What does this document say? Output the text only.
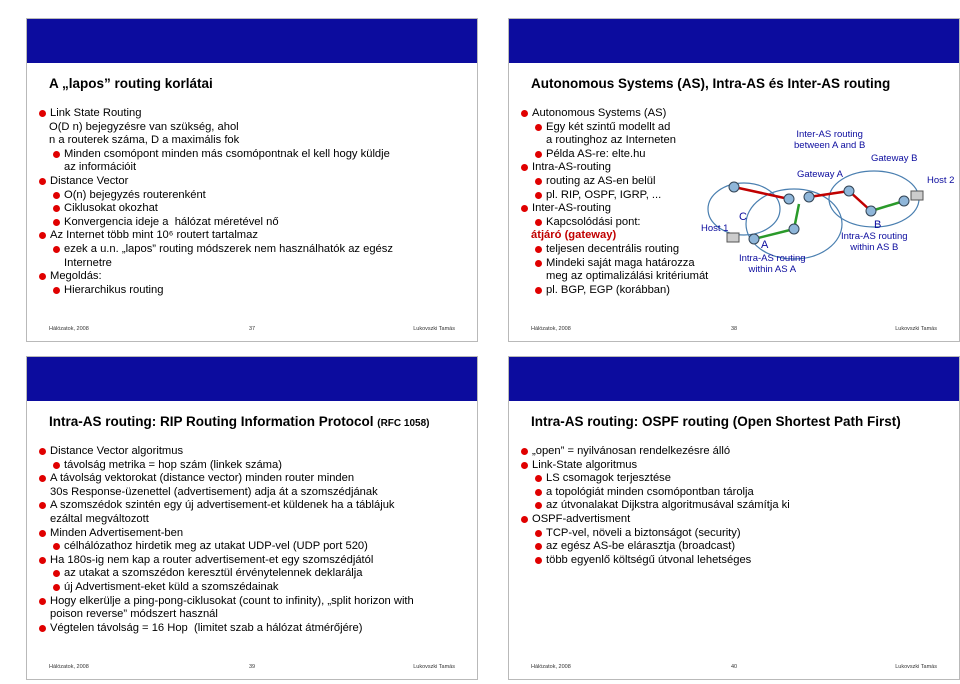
A „lapos” routing korlátai
Link State Routing
O(D n) bejegyzésre van szükség, ahol
n a routerek száma, D a maximális fok
Minden csomópont minden más csomópontnak el kell hogy küldje
az információit
Distance Vector
O(n) bejegyzés routerenként
Ciklusokat okozhat
Konvergencia ideje a  hálózat méretével nő
Az Internet több mint 10⁶ routert tartalmaz
ezek a u.n. „lapos” routing módszerek nem használhatók az egész
Internetre
Megoldás:
Hierarchikus routing
Hálózatok, 2008	37	Lukovszki Tamás
Autonomous Systems (AS), Intra-AS és Inter-AS routing
Autonomous Systems (AS)
Egy két szintű modellt ad
a routinghoz az Interneten
Példa AS-re: elte.hu
Intra-AS-routing
routing az AS-en belül
pl. RIP, OSPF, IGRP, ...
Inter-AS-routing
Kapcsolódási pont:
átjáró (gateway)
teljesen decentrális routing
Mindeki saját maga határozza
meg az optimalizálási kritériumát
pl. BGP, EGP (korábban)
Inter-AS routing
between A and B
Gateway B
Gateway A
Host 2
Host 1
C
B
A
Intra-AS routing
within AS B
Intra-AS routing
within AS A
Hálózatok, 2008	38	Lukovszki Tamás
Intra-AS routing: RIP Routing Information Protocol (RFC 1058)
Distance Vector algoritmus
távolság metrika = hop szám (linkek száma)
A távolság vektorokat (distance vector) minden router minden
30s Response-üzenettel (advertisement) adja át a szomszédjának
A szomszédok szintén egy új advertisement-et küldenek ha a táblájuk
ezáltal megváltozott
Minden Advertisement-ben
célhálózathoz hirdetik meg az utakat UDP-vel (UDP port 520)
Ha 180s-ig nem kap a router advertisement-et egy szomszédjától
az utakat a szomszédon keresztül érvénytelennek deklarálja
új Advertisment-eket küld a szomszédainak
Hogy elkerülje a ping-pong-ciklusokat (count to infinity), „split horizon with
poison reverse” módszert használ
Végtelen távolság = 16 Hop  (limitet szab a hálózat átmérőjére)
Hálózatok, 2008	39	Lukovszki Tamás
Intra-AS routing: OSPF routing (Open Shortest Path First)
„open” = nyilvánosan rendelkezésre álló
Link-State algoritmus
LS csomagok terjesztése
a topológiát minden csomópontban tárolja
az útvonalakat Dijkstra algoritmusával számítja ki
OSPF-advertisment
TCP-vel, növeli a biztonságot (security)
az egész AS-be elárasztja (broadcast)
több egyenlő költségű útvonal lehetséges
Hálózatok, 2008	40	Lukovszki Tamás
